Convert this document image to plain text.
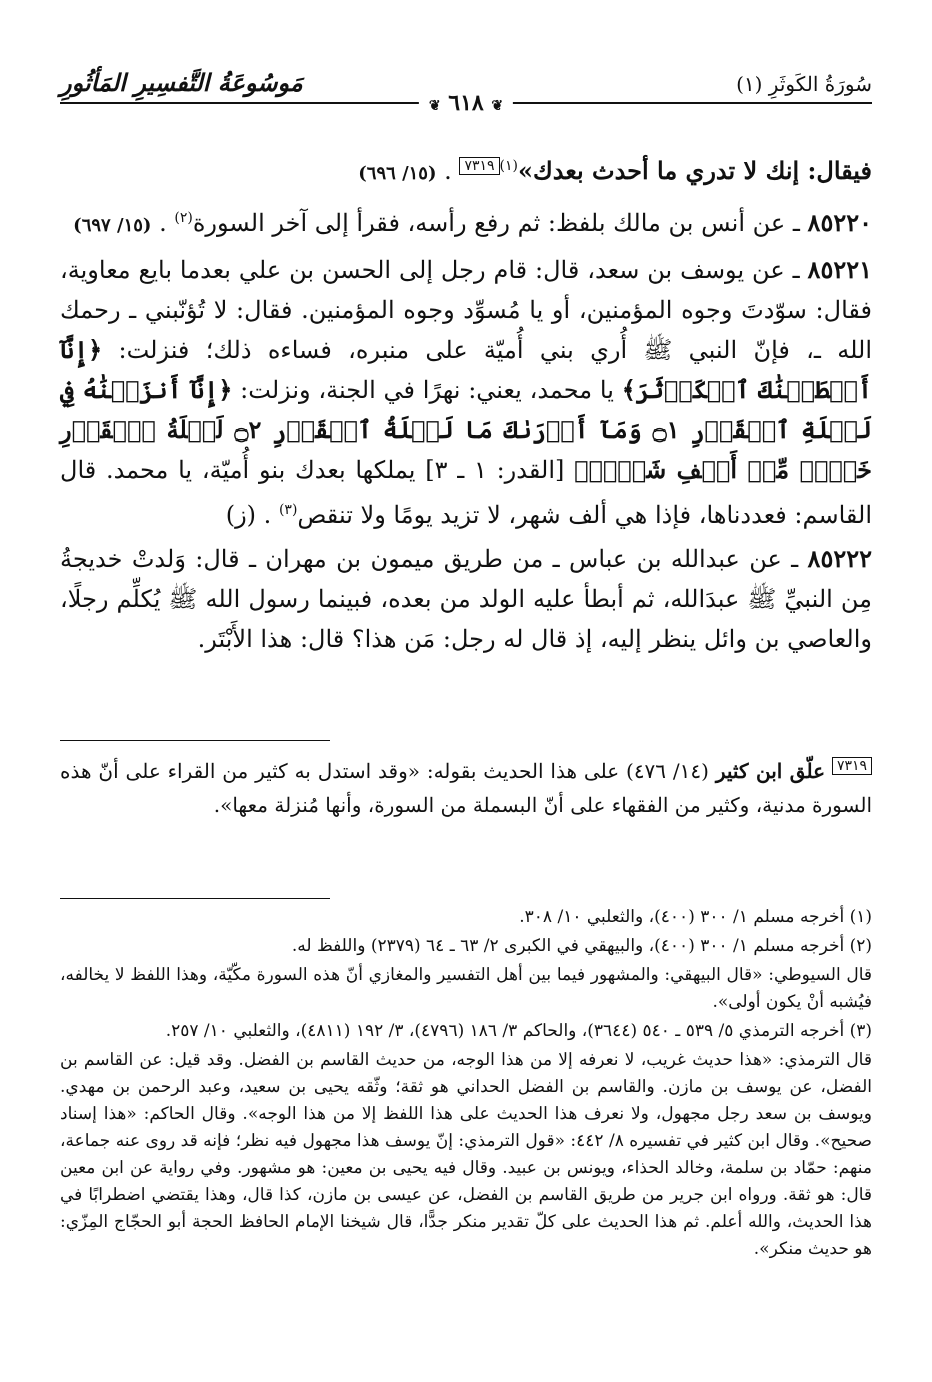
سُورَةُ الكَوثَرِ (١)
مَوسُوعَةُ التَّفسِيرِ المَأثُورِ
❦ ٦١٨ ❦

فيقال: إنك لا تدري ما أحدث بعدك»$^{(١)}$٧٣١٩ . (١٥/ ٦٩٦)

٨٥٢٢٠ ـ عن أنس بن مالك بلفظ: ثم رفع رأسه، فقرأ إلى آخر السورة$^{(٢)}$ . (١٥/ ٦٩٧)

٨٥٢٢١ ـ عن يوسف بن سعد، قال: قام رجل إلى الحسن بن علي بعدما بايع معاوية، فقال: سوّدتَ وجوه المؤمنين، أو يا مُسوِّد وجوه المؤمنين. فقال: لا تُؤنّبني ـ رحمك الله ـ، فإنّ النبي ﷺ أُري بني أُميّة على منبره، فساءه ذلك؛ فنزلت: ﴿إِنَّآ أَعۡطَيۡنَٰكَ ٱلۡكَوۡثَرَ﴾ يا محمد، يعني: نهرًا في الجنة، ونزلت: ﴿إِنَّآ أَنزَلۡنَٰهُ فِي لَيۡلَةِ ٱلۡقَدۡرِ ۝١ وَمَآ أَدۡرَىٰكَ مَا لَيۡلَةُ ٱلۡقَدۡرِ ۝٢ لَيۡلَةُ ٱلۡقَدۡرِ خَيۡرٞ مِّنۡ أَلۡفِ شَهۡرٖ﴾ [القدر: ١ ـ ٣] يملكها بعدك بنو أُميّة، يا محمد. قال القاسم: فعددناها، فإذا هي ألف شهر، لا تزيد يومًا ولا تنقص$^{(٣)}$ . (ز)

٨٥٢٢٢ ـ عن عبدالله بن عباس ـ من طريق ميمون بن مهران ـ قال: وَلدتْ خديجةُ مِن النبيِّ ﷺ عبدَالله، ثم أبطأ عليه الولد من بعده، فبينما رسول الله ﷺ يُكلِّم رجلًا، والعاصي بن وائل ينظر إليه، إذ قال له رجل: مَن هذا؟ قال: هذا الأَبْتَر.

٧٣١٩ علّق ابن كثير (١٤/ ٤٧٦) على هذا الحديث بقوله: «وقد استدل به كثير من القراء على أنّ هذه السورة مدنية، وكثير من الفقهاء على أنّ البسملة من السورة، وأنها مُنزلة معها».

(١) أخرجه مسلم ١/ ٣٠٠ (٤٠٠)، والثعلبي ١٠/ ٣٠٨.

(٢) أخرجه مسلم ١/ ٣٠٠ (٤٠٠)، والبيهقي في الكبرى ٢/ ٦٣ ـ ٦٤ (٢٣٧٩) واللفظ له.

قال السيوطي: «قال البيهقي: والمشهور فيما بين أهل التفسير والمغازي أنّ هذه السورة مكّيّة، وهذا اللفظ لا يخالفه، فيُشبه أنْ يكون أولى».

(٣) أخرجه الترمذي ٥/ ٥٣٩ ـ ٥٤٠ (٣٦٤٤)، والحاكم ٣/ ١٨٦ (٤٧٩٦)، ٣/ ١٩٢ (٤٨١١)، والثعلبي ١٠/ ٢٥٧.

قال الترمذي: «هذا حديث غريب، لا نعرفه إلا من هذا الوجه، من حديث القاسم بن الفضل. وقد قيل: عن القاسم بن الفضل، عن يوسف بن مازن. والقاسم بن الفضل الحداني هو ثقة؛ وثّقه يحيى بن سعيد، وعبد الرحمن بن مهدي. ويوسف بن سعد رجل مجهول، ولا نعرف هذا الحديث على هذا اللفظ إلا من هذا الوجه». وقال الحاكم: «هذا إسناد صحيح». وقال ابن كثير في تفسيره ٨/ ٤٤٢: «قول الترمذي: إنّ يوسف هذا مجهول فيه نظر؛ فإنه قد روى عنه جماعة، منهم: حمّاد بن سلمة، وخالد الحذاء، ويونس بن عبيد. وقال فيه يحيى بن معين: هو مشهور. وفي رواية عن ابن معين قال: هو ثقة. ورواه ابن جرير من طريق القاسم بن الفضل، عن عيسى بن مازن، كذا قال، وهذا يقتضي اضطرابًا في هذا الحديث، والله أعلم. ثم هذا الحديث على كلّ تقدير منكر جدًّا، قال شيخنا الإمام الحافظ الحجة أبو الحجّاج المِزّي: هو حديث منكر».
